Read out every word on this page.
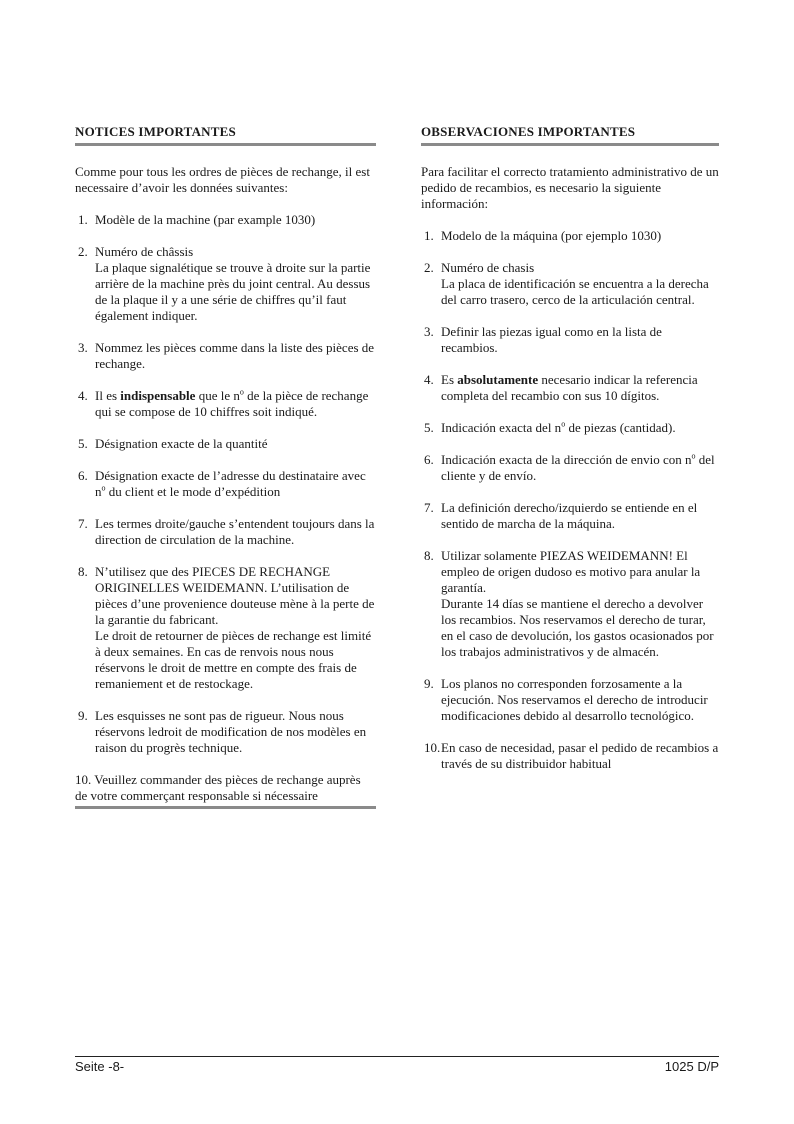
NOTICES IMPORTANTES

Comme pour tous les ordres de pièces de rechange, il est necessaire d’avoir les données suivantes:

1. Modèle de la machine (par example 1030)
2. Numéro de châssis
La plaque signalétique se trouve à droite sur la partie arrière de la machine près du joint central. Au dessus de la plaque il y a une série de chiffres qu’il faut également indiquer.
3. Nommez les pièces comme dans la liste des pièces de rechange.
4. Il es indispensable que le $n^o$ de la pièce de rechange qui se compose de 10 chiffres soit indiqué.
5. Désignation exacte de la quantité
6. Désignation exacte de l’adresse du destinataire avec $n^o$ du client et le mode d’expédition
7. Les termes droite/gauche s’entendent toujours dans la direction de circulation de la machine.
8. N’utilisez que des PIECES DE RECHANGE ORIGINELLES WEIDEMANN. L’utilisation de pièces d’une provenience douteuse mène à la perte de la garantie du fabricant.
Le droit de retourner de pièces de rechange est limité à deux semaines. En cas de renvois nous nous réservons le droit de mettre en compte des frais de remaniement et de restockage.
9. Les esquisses ne sont pas de rigueur. Nous nous réservons ledroit de modification de nos modèles en raison du progrès technique.
10. Veuillez commander des pièces de rechange auprès de votre commerçant responsable si nécessaire
OBSERVACIONES IMPORTANTES

Para facilitar el correcto tratamiento administrativo de un pedido de recambios, es necesario la siguiente información:

1. Modelo de la máquina (por ejemplo 1030)
2. Numéro de chasis
La placa de identificación se encuentra a la derecha del carro trasero, cerco de la articulación central.
3. Definir las piezas igual como en la lista de recambios.
4. Es absolutamente necesario indicar la referencia completa del recambio con sus 10 dígitos.
5. Indicación exacta del $n^o$ de piezas (cantidad).
6. Indicación exacta de la dirección de envio con $n^o$ del cliente y de envío.
7. La definición derecho/izquierdo se entiende en el sentido de marcha de la máquina.
8. Utilizar solamente PIEZAS WEIDEMANN! El empleo de origen dudoso es motivo para anular la garantía.
Durante 14 días se mantiene el derecho a devolver los recambios. Nos reservamos el derecho de turar, en el caso de devolución, los gastos ocasionados por los trabajos administrativos y de almacén.
9. Los planos no corresponden forzosamente a la ejecución. Nos reservamos el derecho de introducir modificaciones debido al desarrollo tecnológico.
10. En caso de necesidad, pasar el pedido de recambios a través de su distribuidor habitual
Seite -8-	1025 D/P
